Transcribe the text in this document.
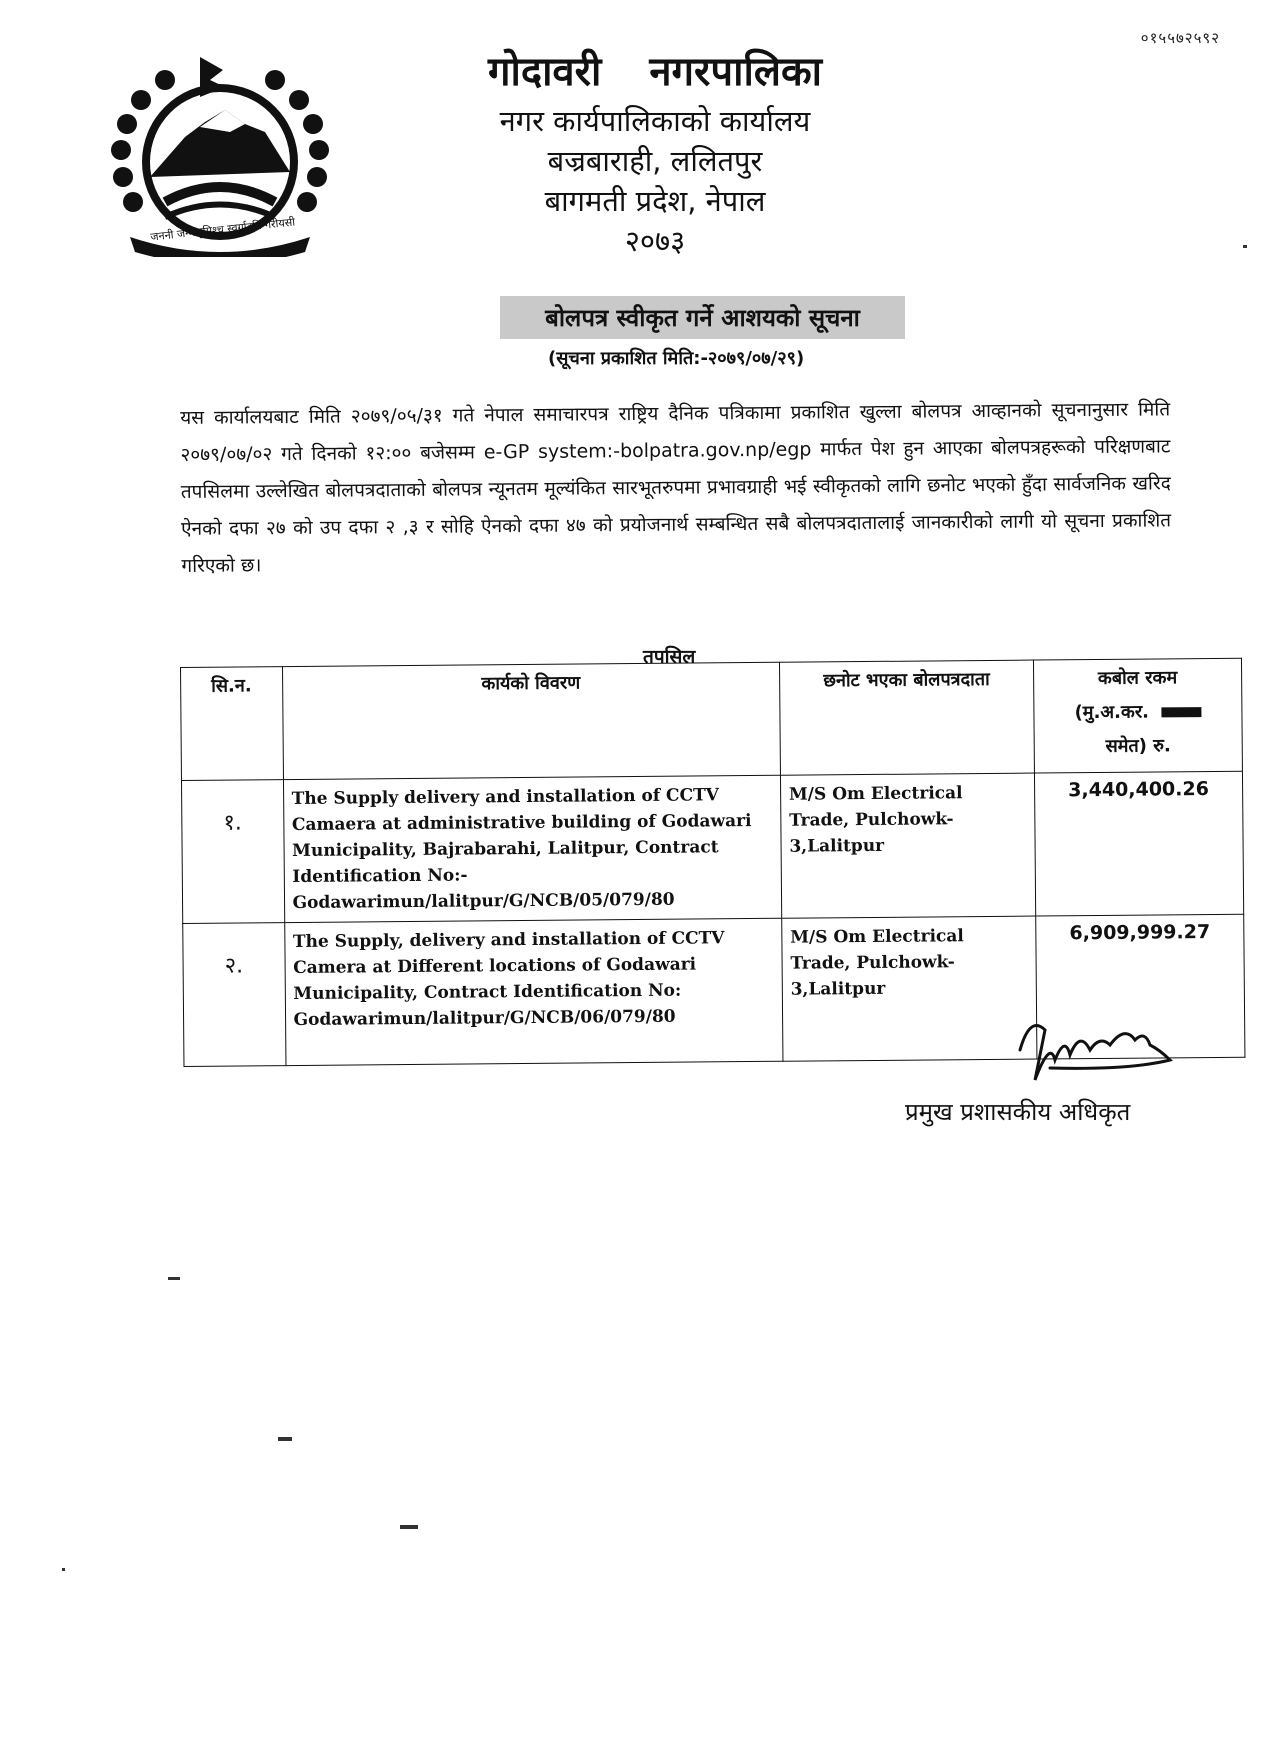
०१५५७२५९२
जननी जन्मभूमिश्च स्वर्गादपि गरीयसी
गोदावरी नगरपालिका
नगर कार्यपालिकाको कार्यालय
बज्रबाराही, ललितपुर
बागमती प्रदेश, नेपाल
२०७३
बोलपत्र स्वीकृत गर्ने आशयको सूचना
(सूचना प्रकाशित मिति:-२०७९/०७/२९)
यस कार्यालयबाट मिति २०७९/०५/३१ गते नेपाल समाचारपत्र राष्ट्रिय दैनिक पत्रिकामा प्रकाशित खुल्ला बोलपत्र आव्हानको सूचनानुसार मिति २०७९/०७/०२ गते दिनको १२:०० बजेसम्म e-GP system:-bolpatra.gov.np/egp मार्फत पेश हुन आएका बोलपत्रहरूको परिक्षणबाट तपसिलमा उल्लेखित बोलपत्रदाताको बोलपत्र न्यूनतम मूल्यंकित सारभूतरुपमा प्रभावग्राही भई स्वीकृतको लागि छनोट भएको हुँदा सार्वजनिक खरिद ऐनको दफा २७ को उप दफा २ ,३ र सोहि ऐनको दफा ४७ को प्रयोजनार्थ सम्बन्धित सबै बोलपत्रदातालाई जानकारीको लागी यो सूचना प्रकाशित गरिएको छ।
तपसिल
सि.न.	कार्यको विवरण	छनोट भएका बोलपत्रदाता	कबोल रकम
(मु.अ.कर.
समेत) रु.

१.	The Supply delivery and installation of CCTV Camaera at administrative building of Godawari Municipality, Bajrabarahi, Lalitpur, Contract Identification No:- Godawarimun/lalitpur/G/NCB/05/079/80	M/S Om Electrical Trade, Pulchowk-3,Lalitpur	3,440,400.26
२.	The Supply, delivery and installation of CCTV Camera at Different locations of Godawari Municipality, Contract Identification No: Godawarimun/lalitpur/G/NCB/06/079/80	M/S Om Electrical Trade, Pulchowk-3,Lalitpur	6,909,999.27
प्रमुख प्रशासकीय अधिकृत
